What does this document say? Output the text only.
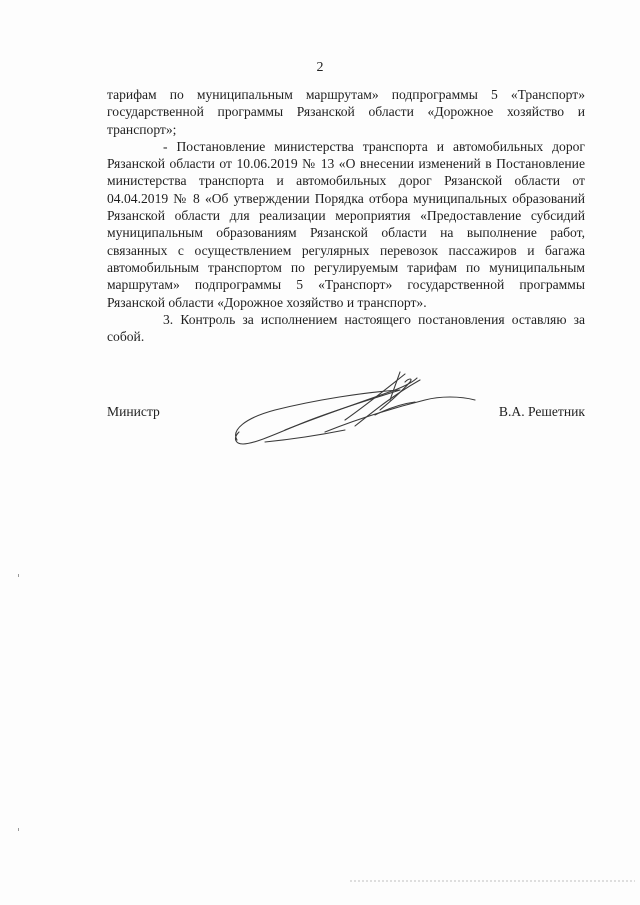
2

тарифам по муниципальным маршрутам» подпрограммы 5 «Транспорт» государственной программы Рязанской области «Дорожное хозяйство и транспорт»;

- Постановление министерства транспорта и автомобильных дорог Рязанской области от 10.06.2019 № 13 «О внесении изменений в Постановление министерства транспорта и автомобильных дорог Рязанской области от 04.04.2019 № 8 «Об утверждении Порядка отбора муниципальных образований Рязанской области для реализации мероприятия «Предоставление субсидий муниципальным образованиям Рязанской области на выполнение работ, связанных с осуществлением регулярных перевозок пассажиров и багажа автомобильным транспортом по регулируемым тарифам по муниципальным маршрутам» подпрограммы 5 «Транспорт» государственной программы Рязанской области «Дорожное хозяйство и транспорт».

3. Контроль за исполнением настоящего постановления оставляю за собой.

Министр	В.А. Решетник
